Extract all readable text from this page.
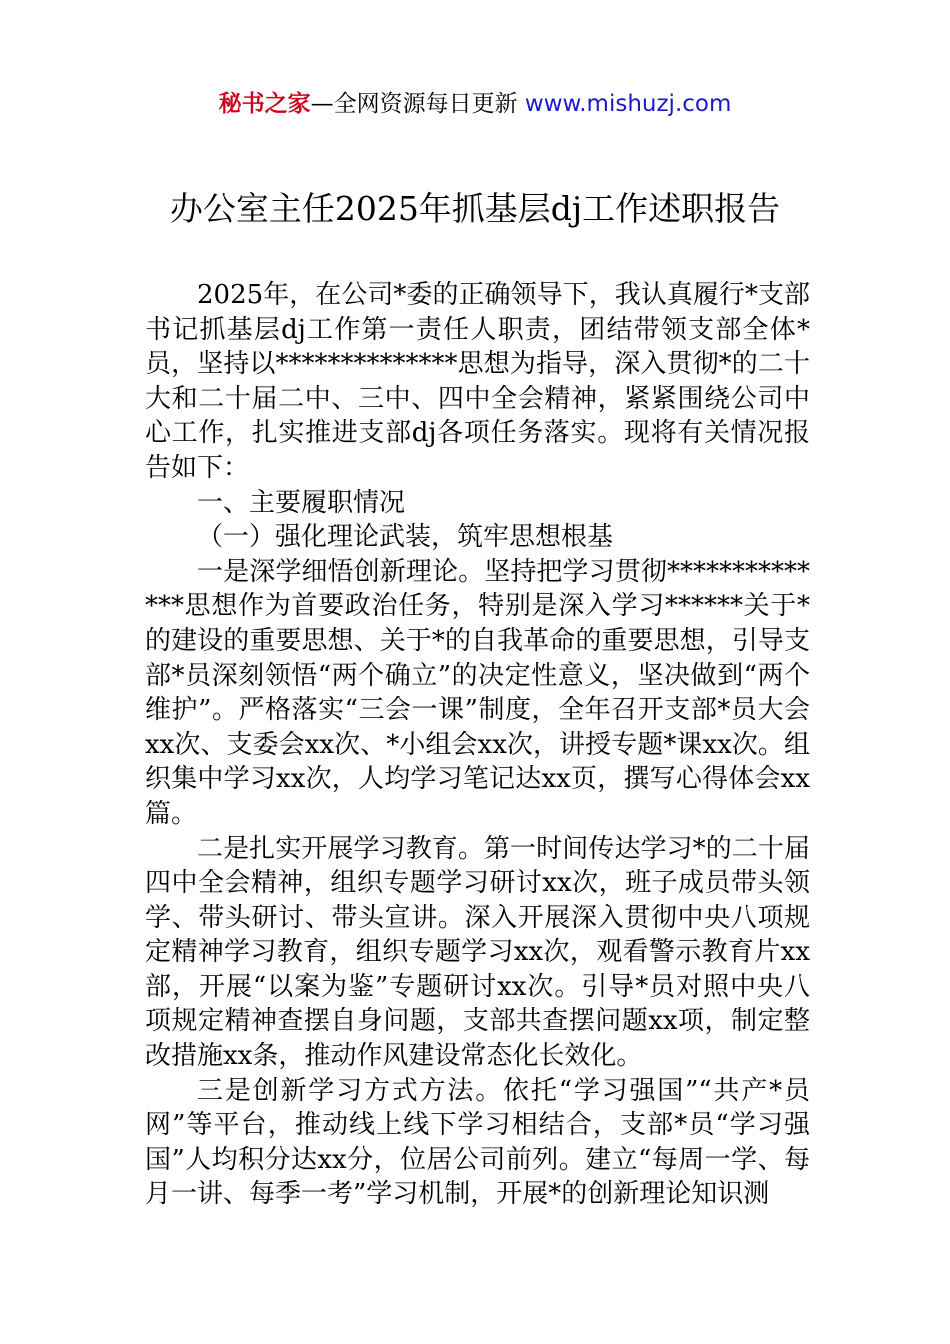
秘书之家—全网资源每日更新 www.mishuzj.com
办公室主任2025年抓基层dj工作述职报告

2025年，在公司*委的正确领导下，我认真履行*支部书记抓基层dj工作第一责任人职责，团结带领支部全体*员，坚持以**************思想为指导，深入贯彻*的二十大和二十届二中、三中、四中全会精神，紧紧围绕公司中心工作，扎实推进支部dj各项任务落实。现将有关情况报告如下：

一、主要履职情况

（一）强化理论武装，筑牢思想根基

一是深学细悟创新理论。坚持把学习贯彻**************思想作为首要政治任务，特别是深入学习******关于*的建设的重要思想、关于*的自我革命的重要思想，引导支部*员深刻领悟“两个确立”的决定性意义，坚决做到“两个维护”。严格落实“三会一课”制度，全年召开支部*员大会xx次、支委会xx次、*小组会xx次，讲授专题*课xx次。组织集中学习xx次，人均学习笔记达xx页，撰写心得体会xx篇。

二是扎实开展学习教育。第一时间传达学习*的二十届四中全会精神，组织专题学习研讨xx次，班子成员带头领学、带头研讨、带头宣讲。深入开展深入贯彻中央八项规定精神学习教育，组织专题学习xx次，观看警示教育片xx部，开展“以案为鉴”专题研讨xx次。引导*员对照中央八项规定精神查摆自身问题，支部共查摆问题xx项，制定整改措施xx条，推动作风建设常态化长效化。

三是创新学习方式方法。依托“学习强国”“共产*员网”等平台，推动线上线下学习相结合，支部*员“学习强国”人均积分达xx分，位居公司前列。建立“每周一学、每月一讲、每季一考”学习机制，开展*的创新理论知识测
